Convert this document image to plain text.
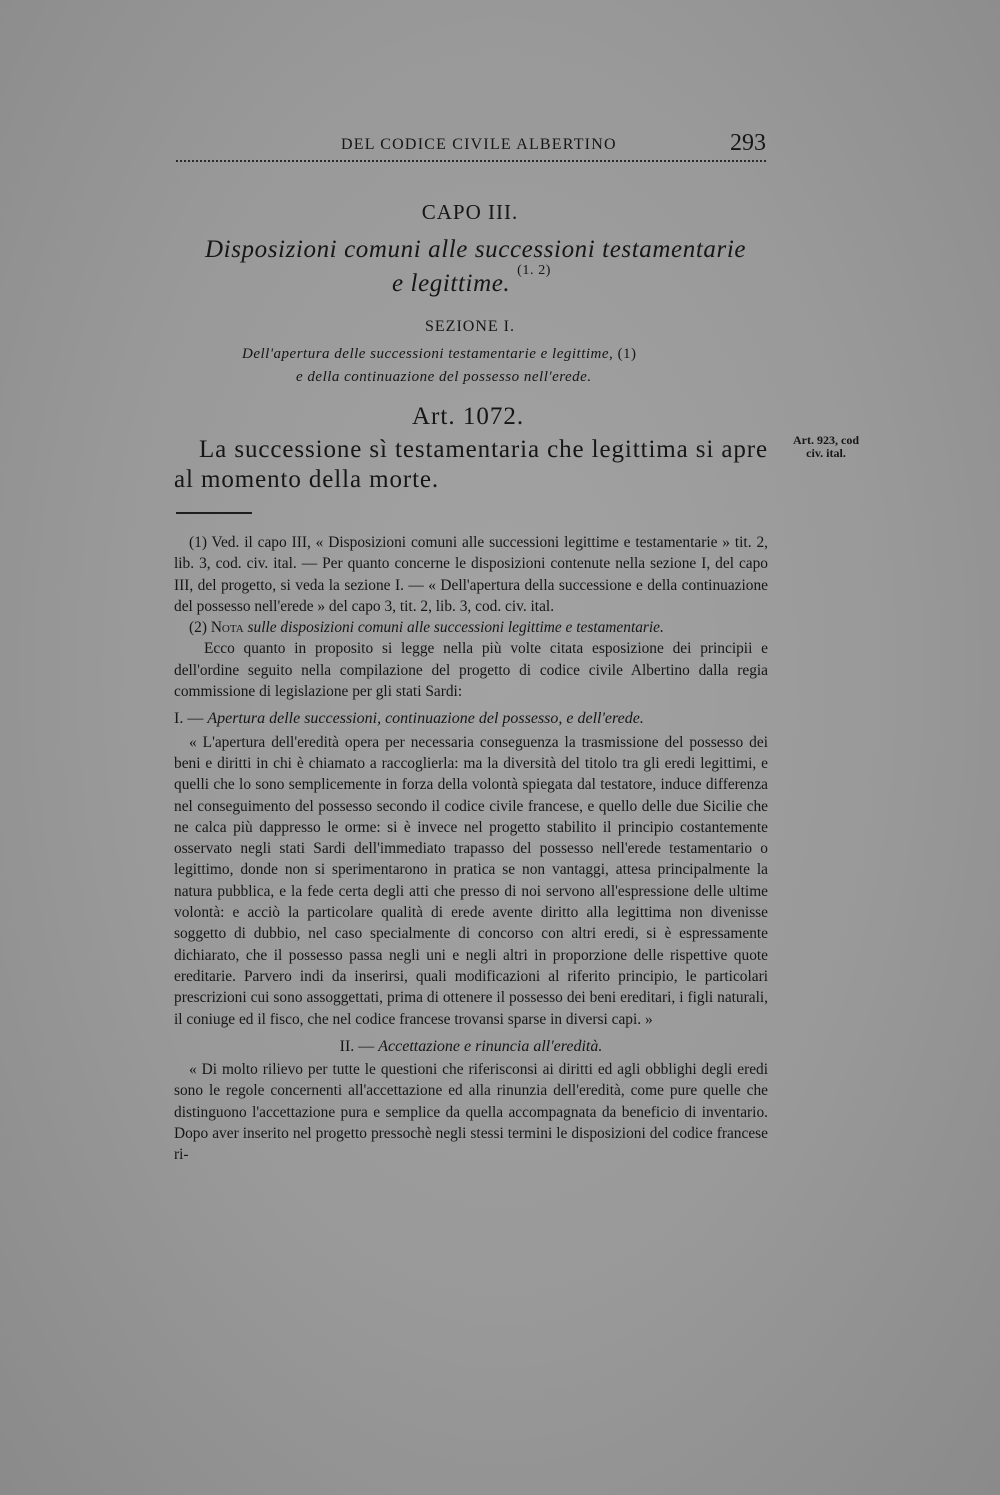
DEL CODICE CIVILE ALBERTINO	293
CAPO III.
Disposizioni comuni alle successioni testamentarie
e legittime. $^{(1. 2)}$
SEZIONE I.
Dell'apertura delle successioni testamentarie e legittime, (1)
e della continuazione del possesso nell'erede.
Art. 1072.
La successione sì testamentaria che legittima si apre
al momento della morte.
Art. 923, cod civ. ital.

(1) Ved. il capo III, « Disposizioni comuni alle successioni legittime e testamentarie » tit. 2, lib. 3, cod. civ. ital. — Per quanto concerne le disposizioni contenute nella sezione I, del capo III, del progetto, si veda la sezione I. — « Dell'apertura della successione e della continuazione del possesso nell'erede » del capo 3, tit. 2, lib. 3, cod. civ. ital.

(2) Nota sulle disposizioni comuni alle successioni legittime e testamentarie.

Ecco quanto in proposito si legge nella più volte citata esposizione dei principii e dell'ordine seguito nella compilazione del progetto di codice civile Albertino dalla regia commissione di legislazione per gli stati Sardi:

I. — Apertura delle successioni, continuazione del possesso, e dell'erede.

« L'apertura dell'eredità opera per necessaria conseguenza la trasmissione del possesso dei beni e diritti in chi è chiamato a raccoglierla: ma la diversità del titolo tra gli eredi legittimi, e quelli che lo sono semplicemente in forza della volontà spiegata dal testatore, induce differenza nel conseguimento del possesso secondo il codice civile francese, e quello delle due Sicilie che ne calca più dappresso le orme: si è invece nel progetto stabilito il principio costantemente osservato negli stati Sardi dell'immediato trapasso del possesso nell'erede testamentario o legittimo, donde non si sperimentarono in pratica se non vantaggi, attesa principalmente la natura pubblica, e la fede certa degli atti che presso di noi servono all'espressione delle ultime volontà: e acciò la particolare qualità di erede avente diritto alla legittima non divenisse soggetto di dubbio, nel caso specialmente di concorso con altri eredi, si è espressamente dichiarato, che il possesso passa negli uni e negli altri in proporzione delle rispettive quote ereditarie. Parvero indi da inserirsi, quali modificazioni al riferito principio, le particolari prescrizioni cui sono assoggettati, prima di ottenere il possesso dei beni ereditari, i figli naturali, il coniuge ed il fisco, che nel codice francese trovansi sparse in diversi capi. »

II. — Accettazione e rinuncia all'eredità.

« Di molto rilievo per tutte le questioni che riferisconsi ai diritti ed agli obblighi degli eredi sono le regole concernenti all'accettazione ed alla rinunzia dell'eredità, come pure quelle che distinguono l'accettazione pura e semplice da quella accompagnata da beneficio di inventario. Dopo aver inserito nel progetto pressochè negli stessi termini le disposizioni del codice francese ri-
